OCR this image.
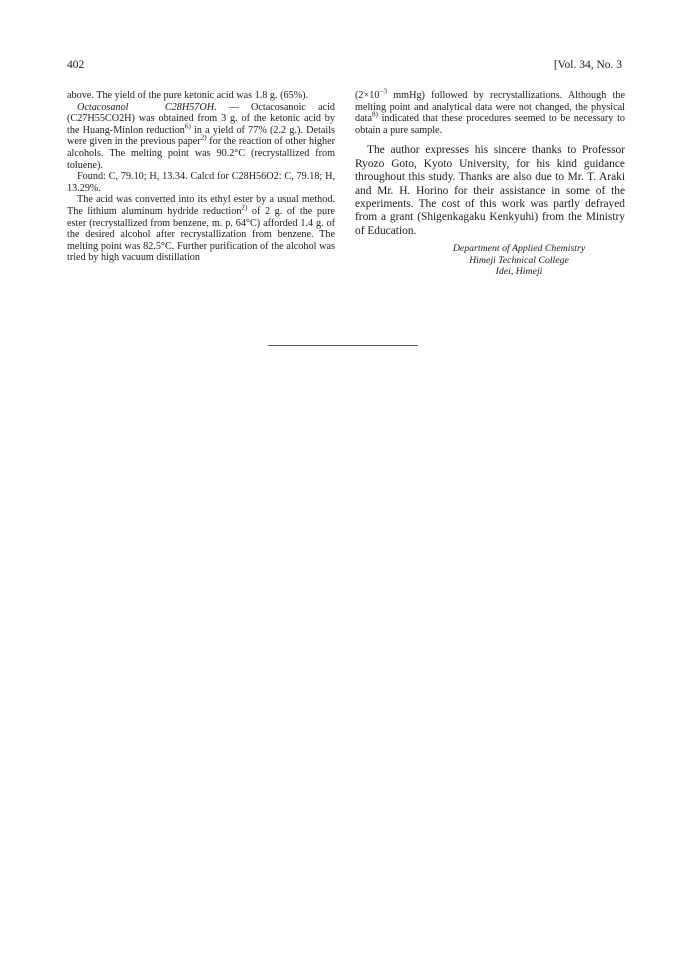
402	[Vol. 34, No. 3

above. The yield of the pure ketonic acid was 1.8 g. (65%).

Octacosanol	C28H57OH. — Octacosanoic acid (C27H55CO2H) was obtained from 3 g. of the ketonic acid by the Huang-Minlon reduction$^{6)}$ in a yield of 77% (2.2 g.). Details were given in the previous paper$^{2)}$ for the reaction of other higher alcohols. The melting point was 90.2°C (recrystallized from toluene).

Found: C, 79.10; H, 13.34. Calcd for C28H56O2: C, 79.18; H, 13.29%.

The acid was converted into its ethyl ester by a usual method. The lithium aluminum hydride reduction$^{2)}$ of 2 g. of the pure ester (recrystallized from benzene, m. p. 64°C) afforded 1.4 g. of the desired alcohol after recrystallization from benzene. The melting point was 82.5°C. Further purification of the alcohol was tried by high vacuum distillation

($2\times 10^{-3}$ mmHg) followed by recrystallizations. Although the melting point and analytical data were not changed, the physical data$^{8)}$ indicated that these procedures seemed to be necessary to obtain a pure sample.

The author expresses his sincere thanks to Professor Ryozo Goto, Kyoto University, for his kind guidance throughout this study. Thanks are also due to Mr. T. Araki and Mr. H. Horino for their assistance in some of the experiments. The cost of this work was partly defrayed from a grant (Shigenkagaku Kenkyuhi) from the Ministry of Education.

Department of Applied Chemistry
Himeji Technical College
Idei, Himeji
